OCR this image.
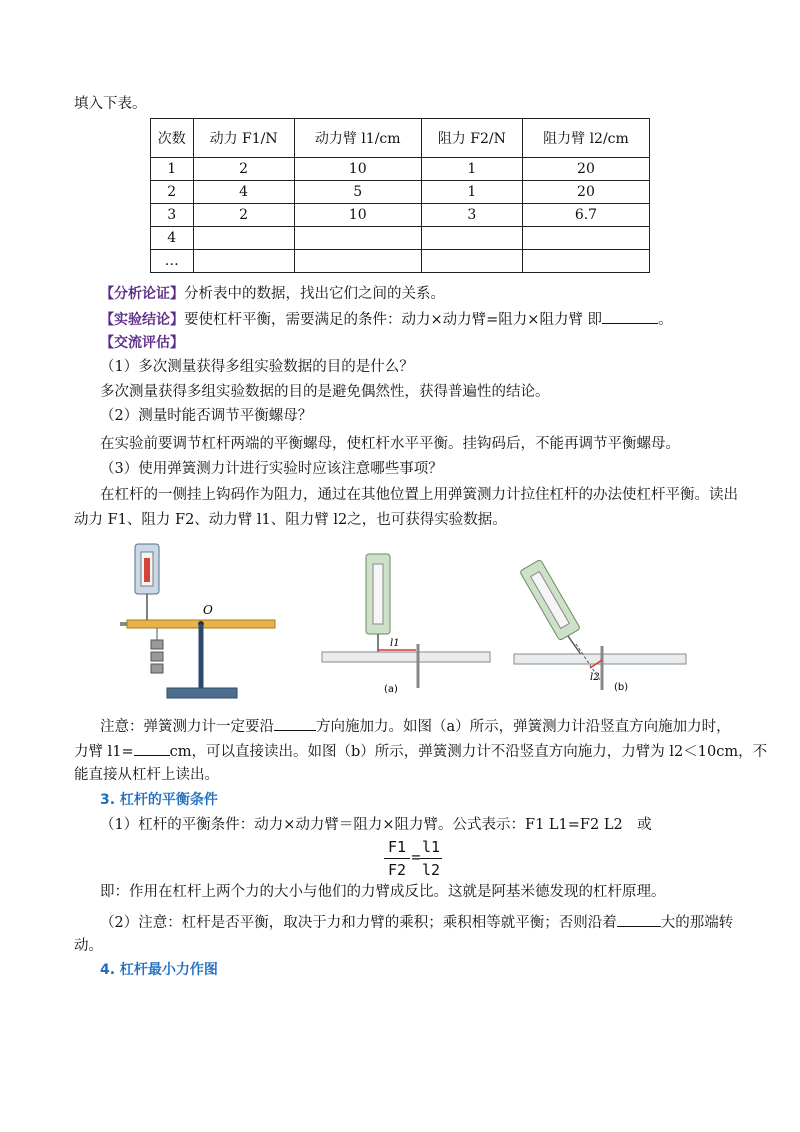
填入下表。
次数	动力 F1/N	动力臂 l1/cm	阻力 F2/N	阻力臂 l2/cm
1	2	10	1	20
2	4	5	1	20
3	2	10	3	6.7
4				
…				
【分析论证】分析表中的数据，找出它们之间的关系。
【实验结论】要使杠杆平衡，需要满足的条件：动力×动力臂=阻力×阻力臂 即	。
【交流评估】
（1）多次测量获得多组实验数据的目的是什么？
多次测量获得多组实验数据的目的是避免偶然性，获得普遍性的结论。
（2）测量时能否调节平衡螺母？
在实验前要调节杠杆两端的平衡螺母，使杠杆水平平衡。挂钩码后，不能再调节平衡螺母。
（3）使用弹簧测力计进行实验时应该注意哪些事项？
在杠杆的一侧挂上钩码作为阻力，通过在其他位置上用弹簧测力计拉住杠杆的办法使杠杆平衡。读出
动力 F1、阻力 F2、动力臂 l1、阻力臂 l2之，也可获得实验数据。
O
l1
(a)
l2
(b)
注意：弹簧测力计一定要沿	方向施加力。如图（a）所示，弹簧测力计沿竖直方向施加力时，
力臂 l1= cm，可以直接读出。如图（b）所示，弹簧测力计不沿竖直方向施力，力臂为 l2＜10cm，不
能直接从杠杆上读出。
3. 杠杆的平衡条件
（1）杠杆的平衡条件：动力×动力臂＝阻力×阻力臂。公式表示：F1 L1=F2 L2　或
F1
F2
=
l1
l2
即：作用在杠杆上两个力的大小与他们的力臂成反比。这就是阿基米德发现的杠杆原理。
（2）注意：杠杆是否平衡，取决于力和力臂的乘积；乘积相等就平衡；否则沿着	大的那端转
动。
4. 杠杆最小力作图
